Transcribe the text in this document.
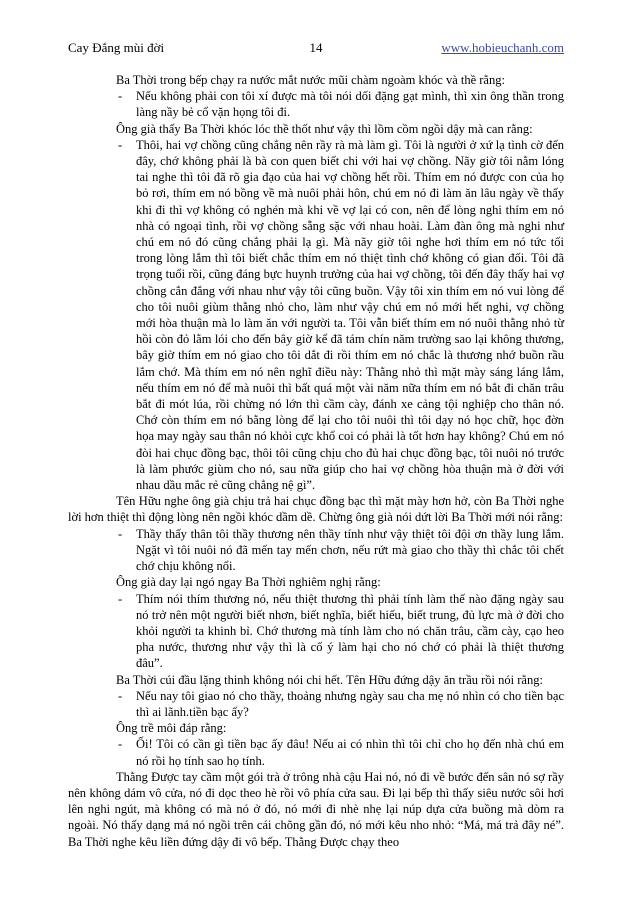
Cay Đắng mùi đời	14	www.hobieuchanh.com

Ba Thời trong bếp chạy ra nước mắt nước mũi chàm ngoàm khóc và thề rằng:

- Nếu không phải con tôi xí được mà tôi nói dối đặng gạt mình, thì xin ông thần trong làng nầy bẻ cổ vặn họng tôi đi.

Ông già thấy Ba Thời khóc lóc thề thốt như vậy thì lồm cồm ngồi dậy mà can rằng:

- Thôi, hai vợ chồng cũng chẳng nên rầy rà mà làm gì. Tôi là người ở xứ lạ tình cờ đến đây, chớ không phải là bà con quen biết chi với hai vợ chồng. Nãy giờ tôi nằm lóng tai nghe thì tôi đã rõ gia đạo của hai vợ chồng hết rồi. Thím em nó được con của họ bỏ rơi, thím em nó bồng về mà nuôi phải hôn, chú em nó đi làm ăn lâu ngày về thấy khi đi thì vợ không có nghén mà khi về vợ lại có con, nên để lòng nghi thím em nó nhà có ngoại tình, rồi vợ chồng sẵng sặc với nhau hoài. Làm đàn ông mà nghi như chú em nó đó cũng chẳng phải lạ gì. Mà nãy giờ tôi nghe hơi thím em nó tức tối trong lòng lắm thì tôi biết chắc thím em nó thiệt tình chớ không có gian đối. Tôi đã trọng tuổi rồi, cũng đáng bực huynh trưởng của hai vợ chồng, tôi đến đây thấy hai vợ chồng cắn đắng với nhau như vậy tôi cũng buồn. Vậy tôi xin thím em nó vui lòng để cho tôi nuôi giùm thằng nhỏ cho, làm như vậy chú em nó mới hết nghi, vợ chồng mới hòa thuận mà lo làm ăn với người ta. Tôi vẫn biết thím em nó nuôi thằng nhỏ từ hồi còn đỏ lằm lói cho đến bây giờ kể đã tám chín năm trường sao lại không thương, bây giờ thím em nó giao cho tôi dắt đi rồi thím em nó chắc là thương nhớ buồn rầu lắm chớ. Mà thím em nó nên nghĩ điều này: Thằng nhỏ thì mặt mày sáng láng lắm, nếu thím em nó để mà nuôi thì bất quá một vài năm nữa thím em nó bắt đi chăn trâu bắt đi mót lúa, rồi chừng nó lớn thì cầm cày, đánh xe cảng tội nghiệp cho thân nó. Chớ còn thím em nó bằng lòng để lại cho tôi nuôi thì tôi dạy nó học chữ, học đờn họa may ngày sau thân nó khỏi cực khổ coi có phải là tốt hơn hay không? Chú em nó đòi hai chục đồng bạc, thôi tôi cũng chịu cho đủ hai chục đồng bạc, tôi nuôi nó trước là làm phước giùm cho nó, sau nữa giúp cho hai vợ chồng hòa thuận mà ở đời với nhau dầu mắc rẻ cũng chẳng nệ gì”.

Tên Hữu nghe ông già chịu trả hai chục đồng bạc thì mặt mày hơn hở, còn Ba Thời nghe lời hơn thiệt thì động lòng nên ngồi khóc dầm dề. Chừng ông già nói dứt lời Ba Thời mới nói rằng:

- Thầy thấy thân tôi thầy thương nên thầy tính như vậy thiệt tôi đội ơn thầy lung lắm. Ngặt vì tôi nuôi nó đã mến tay mến chơn, nếu rứt mà giao cho thầy thì chắc tôi chết chớ chịu không nổi.

Ông già day lại ngó ngay Ba Thời nghiêm nghị rằng:

- Thím nói thím thương nó, nếu thiệt thương thì phải tính làm thế nào đặng ngày sau nó trở nên một người biết nhơn, biết nghĩa, biết hiếu, biết trung, đủ lực mà ở đời cho khỏi người ta khinh bỉ. Chớ thương mà tính làm cho nó chăn trâu, cầm cày, cạo heo pha nước, thương như vậy thì là cố ý làm hại cho nó chớ có phải là thiệt thương đâu”.

Ba Thời cúi đầu lặng thinh không nói chi hết. Tên Hữu đứng dậy ăn trầu rồi nói rằng:

- Nếu nay tôi giao nó cho thầy, thoảng nhưng ngày sau cha mẹ nó nhìn có cho tiền bạc thì ai lãnh.tiền bạc ấy?

Ông trề môi đáp rằng:

- Ối! Tôi có cần gì tiền bạc ấy đâu! Nếu ai có nhìn thì tôi chỉ cho họ đến nhà chú em nó rồi họ tính sao họ tính.

Thằng Được tay cầm một gói trà ở trông nhà cậu Hai nó, nó đi về bước đến sân nó sợ rầy nên không dám vô cửa, nó đi dọc theo hè rồi vô phía cửa sau. Đi lại bếp thì thấy siêu nước sôi hơi lên nghi ngút, mà không có mà nó ở đó, nó mới đi nhè nhẹ lại núp dựa cửa buồng mà dòm ra ngoài. Nó thấy dạng má nó ngồi trên cái chõng gần đó, nó mới kêu nho nhỏ: “Má, má trả đây né”. Ba Thời nghe kêu liền đứng dậy đi vô bếp. Thằng Được chạy theo
